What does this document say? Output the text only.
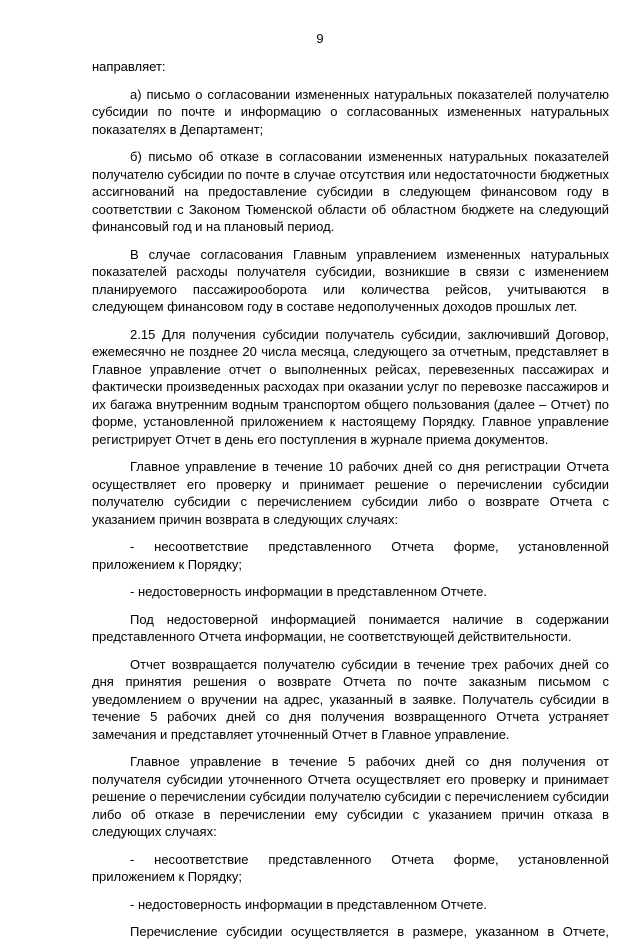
9

направляет:

а) письмо о согласовании измененных натуральных показателей получателю субсидии по почте и информацию о согласованных измененных натуральных показателях в Департамент;

б) письмо об отказе в согласовании измененных натуральных показателей получателю субсидии по почте в случае отсутствия или недостаточности бюджетных ассигнований на предоставление субсидии в следующем финансовом году в соответствии с Законом Тюменской области об областном бюджете на следующий финансовый год и на плановый период.

В случае согласования Главным управлением измененных натуральных показателей расходы получателя субсидии, возникшие в связи с изменением планируемого пассажирооборота или количества рейсов, учитываются в следующем финансовом году в составе недополученных доходов прошлых лет.

2.15 Для получения субсидии получатель субсидии, заключивший Договор, ежемесячно не позднее 20 числа месяца, следующего за отчетным, представляет в Главное управление отчет о выполненных рейсах, перевезенных пассажирах и фактически произведенных расходах при оказании услуг по перевозке пассажиров и их багажа внутренним водным транспортом общего пользования (далее – Отчет) по форме, установленной приложением к настоящему Порядку. Главное управление регистрирует Отчет в день его поступления в журнале приема документов.

Главное управление в течение 10 рабочих дней со дня регистрации Отчета осуществляет его проверку и принимает решение о перечислении субсидии получателю субсидии с перечислением субсидии либо о возврате Отчета с указанием причин возврата в следующих случаях:

- несоответствие представленного Отчета форме, установленной приложением к Порядку;

- недостоверность информации в представленном Отчете.

Под недостоверной информацией понимается наличие в содержании представленного Отчета информации, не соответствующей действительности.

Отчет возвращается получателю субсидии в течение трех рабочих дней со дня принятия решения о возврате Отчета по почте заказным письмом с уведомлением о вручении на адрес, указанный в заявке. Получатель субсидии в течение 5 рабочих дней со дня получения возвращенного Отчета устраняет замечания и представляет уточненный Отчет в Главное управление.

Главное управление в течение 5 рабочих дней со дня получения от получателя субсидии уточненного Отчета осуществляет его проверку и принимает решение о перечислении субсидии получателю субсидии с перечислением субсидии либо об отказе в перечислении ему субсидии с указанием причин отказа в следующих случаях:

- несоответствие представленного Отчета форме, установленной приложением к Порядку;

- недостоверность информации в представленном Отчете.

Перечисление субсидии осуществляется в размере, указанном в Отчете,
